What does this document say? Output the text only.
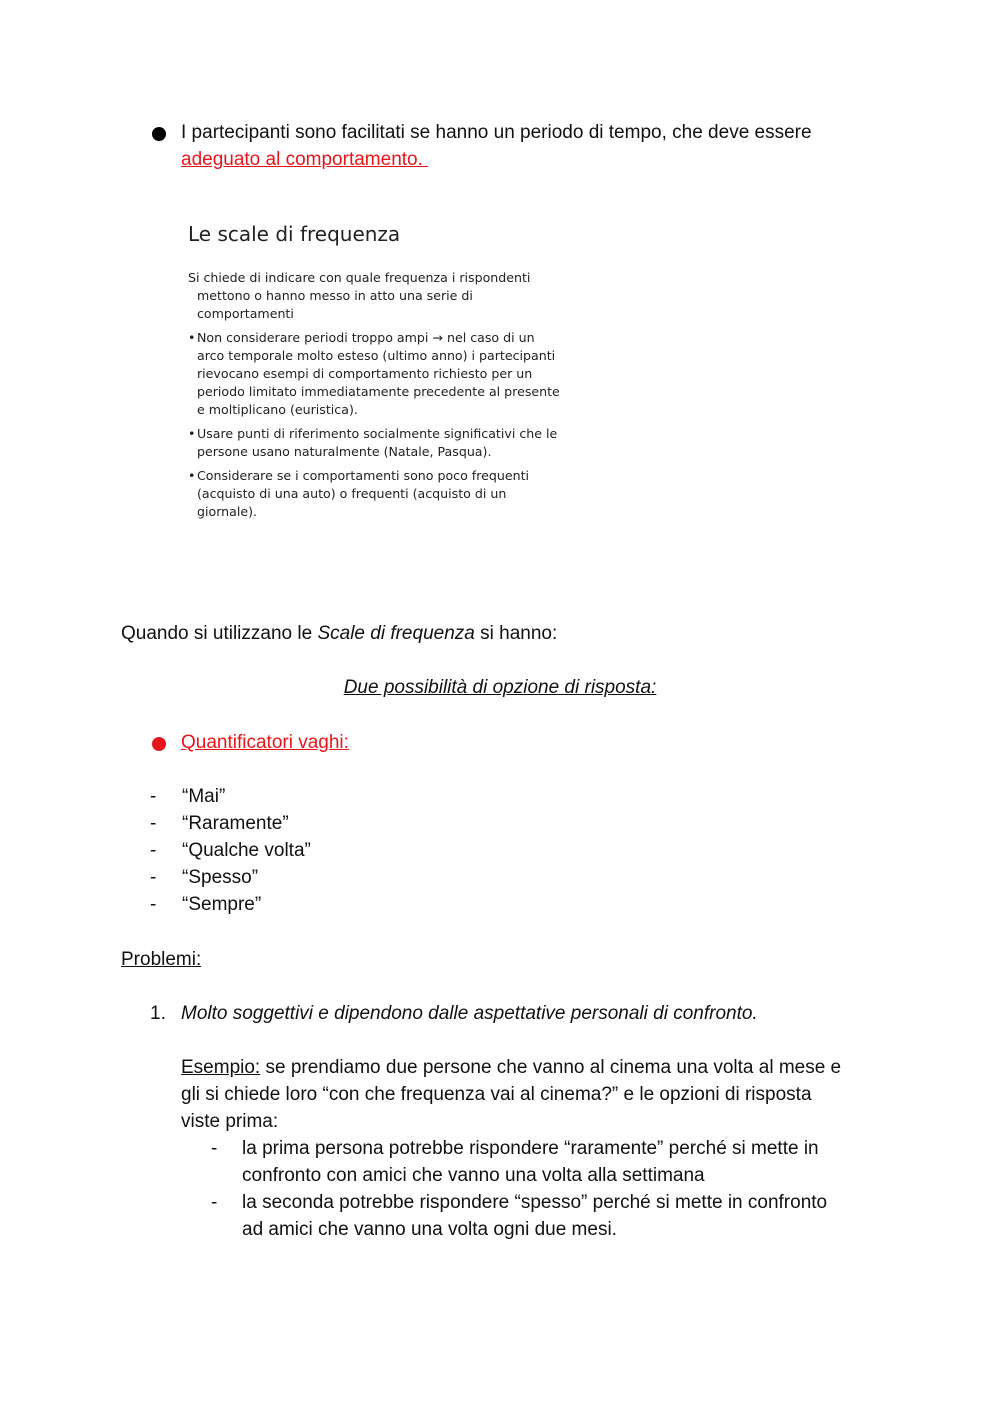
I partecipanti sono facilitati se hanno un periodo di tempo, che deve essere
adeguato al comportamento.
Le scale di frequenza

Si chiede di indicare con quale frequenza i rispondenti

mettono o hanno messo in atto una serie di

comportamenti

• Non considerare periodi troppo ampi → nel caso di un

arco temporale molto esteso (ultimo anno) i partecipanti

rievocano esempi di comportamento richiesto per un

periodo limitato immediatamente precedente al presente

e moltiplicano (euristica).

• Usare punti di riferimento socialmente significativi che le

persone usano naturalmente (Natale, Pasqua).

• Considerare se i comportamenti sono poco frequenti

(acquisto di una auto) o frequenti (acquisto di un

giornale).

Quando si utilizzano le Scale di frequenza si hanno:
Due possibilità di opzione di risposta:
Quantificatori vaghi:
-	“Mai”
-	“Raramente”
-	“Qualche volta”
-	“Spesso”
-	“Sempre”
Problemi:
1. Molto soggettivi e dipendono dalle aspettative personali di confronto.
Esempio: se prendiamo due persone che vanno al cinema una volta al mese e
gli si chiede loro “con che frequenza vai al cinema?” e le opzioni di risposta
viste prima:
-	la prima persona potrebbe rispondere “raramente” perché si mette in
confronto con amici che vanno una volta alla settimana
-	la seconda potrebbe rispondere “spesso” perché si mette in confronto
ad amici che vanno una volta ogni due mesi.
